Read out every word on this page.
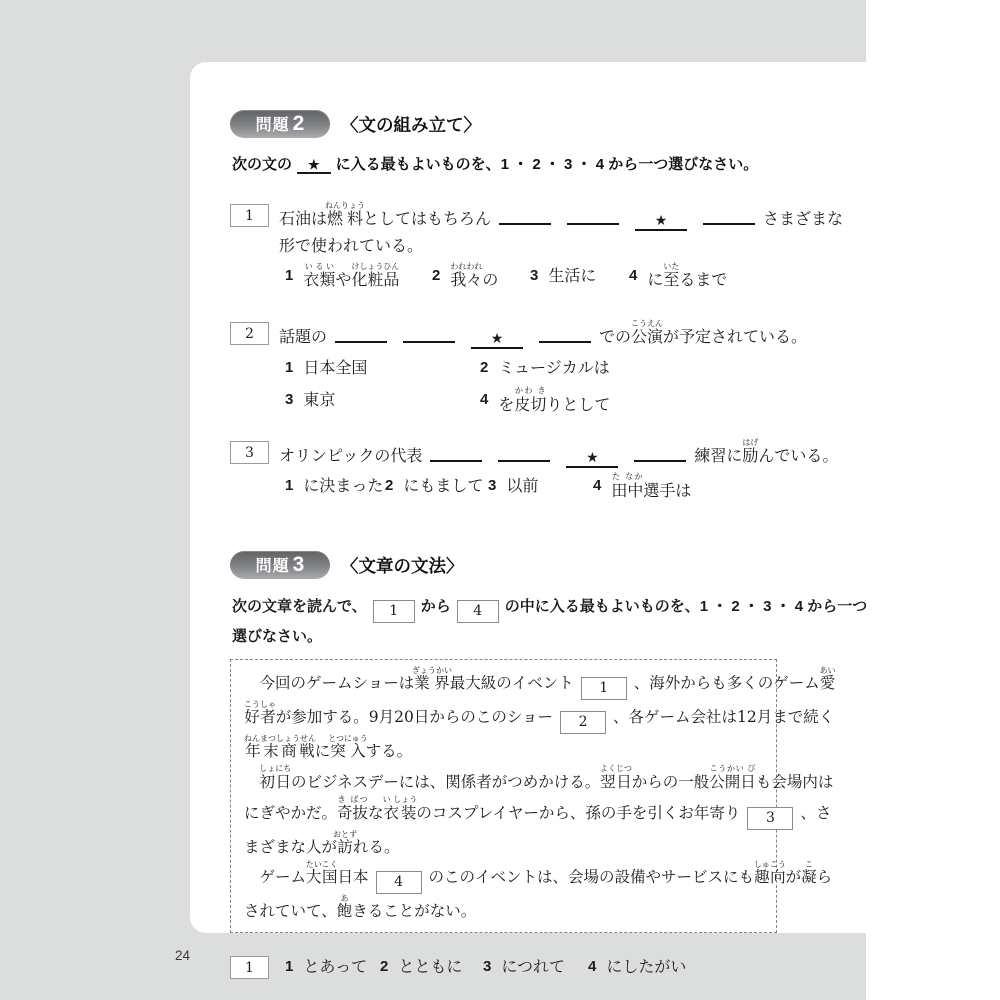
問題 2 〈文の組み立て〉

次の文の ★ に入る最もよいものを、1 ・ 2 ・ 3 ・ 4 から一つ選びなさい。

1	石油は燃料ねんりょうとしてはもちろん	★	さまざまな
形で使われている。
1 衣類いるいや化粧品けしょうひん
2 我々われわれの 3 生活に 4 に至いたるまで
2	話題の	★	での公演こうえんが予定されている。
1 日本全国	2 ミュージカルは
3 東京	4 を皮切かわ きりとして
3	オリンピックの代表	★	練習に励はげんでいる。
1 に決まった 2 にもまして 3 以前	4 田中た なか選手は
問題 3 〈文章の文法〉
次の文章を読んで、 1 から 4 の中に入る最もよいものを、1 ・ 2 ・ 3 ・ 4 から一つ
選びなさい。
　今回のゲームショーは業界ぎょうかい最大級のイベント 1 、海外からも多くのゲーム愛あい
好者こうしゃが参加する。9月20日からのこのショー 2 、各ゲーム会社は12月まで続く
年末商戦ねんまつしょうせんに突入とつにゅうする。
　初日しょにちのビジネスデーには、関係者がつめかける。翌日よくじつからの一般公開日こうかい びも会場内は
にぎやかだ。奇抜き ばつな衣装い しょうのコスプレイヤーから、孫の手を引くお年寄り 3 、さ
まざまな人が訪おとずれる。
　ゲーム大国たいこく日本 4 のこのイベントは、会場の設備やサービスにも趣向しゅこうが凝こら
されていて、飽あきることがない。
1	1 とあって 2 とともに 3 につれて 4 にしたがい
24
